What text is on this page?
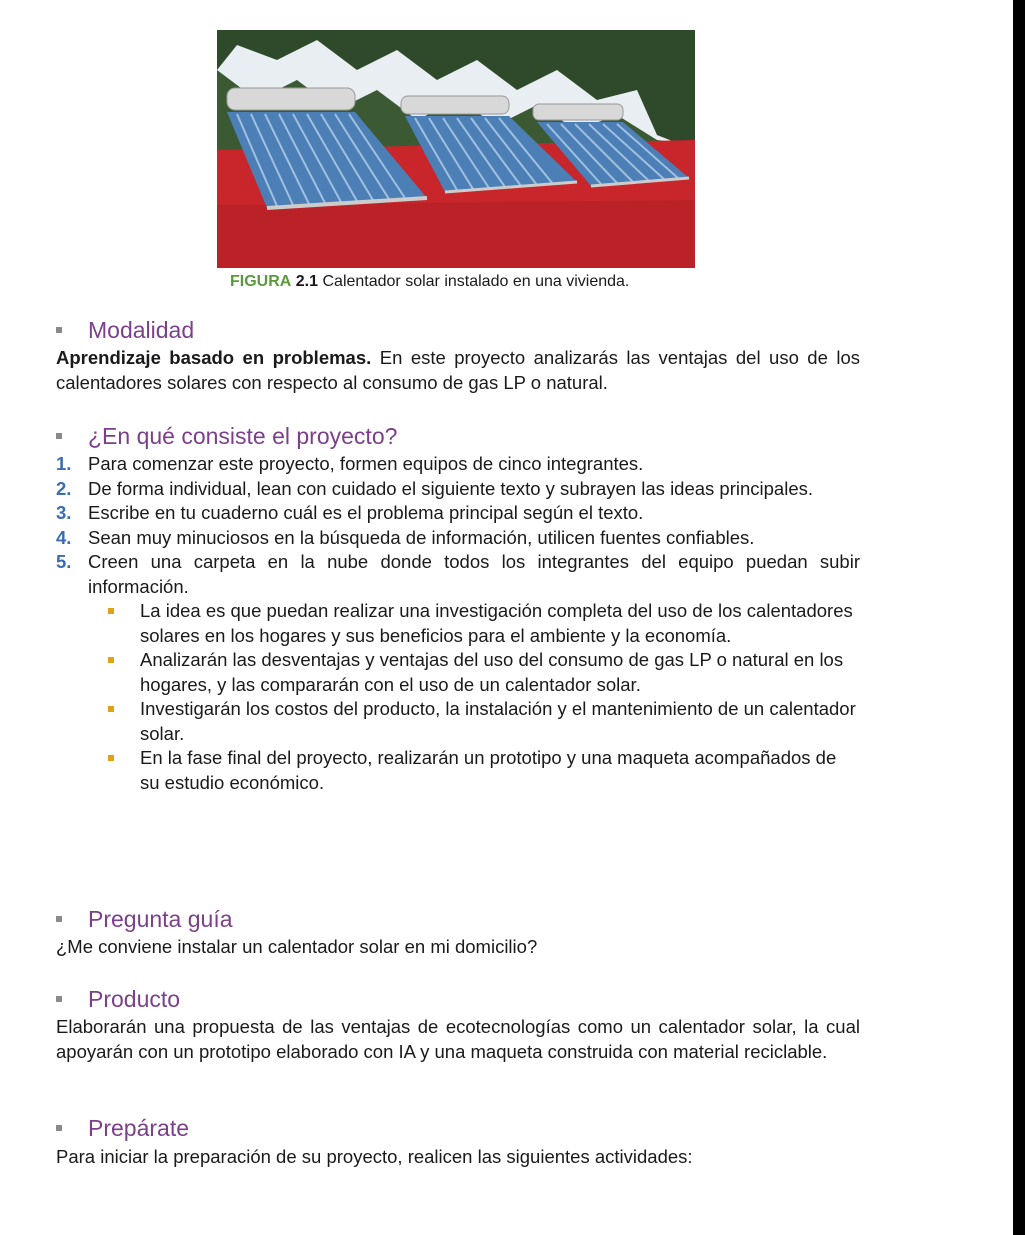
FIGURA 2.1 Calentador solar instalado en una vivienda.
Modalidad
Aprendizaje basado en problemas. En este proyecto analizarás las ventajas del uso de los calentadores solares con respecto al consumo de gas LP o natural.
¿En qué consiste el proyecto?
1. Para comenzar este proyecto, formen equipos de cinco integrantes.
2. De forma individual, lean con cuidado el siguiente texto y subrayen las ideas principales.
3. Escribe en tu cuaderno cuál es el problema principal según el texto.
4. Sean muy minuciosos en la búsqueda de información, utilicen fuentes confiables.
5. Creen una carpeta en la nube donde todos los integrantes del equipo puedan subir información.
La idea es que puedan realizar una investigación completa del uso de los calentadores solares en los hogares y sus beneficios para el ambiente y la economía.
Analizarán las desventajas y ventajas del uso del consumo de gas LP o natural en los hogares, y las compararán con el uso de un calentador solar.
Investigarán los costos del producto, la instalación y el mantenimiento de un calentador solar.
En la fase final del proyecto, realizarán un prototipo y una maqueta acompañados de su estudio económico.
Pregunta guía
¿Me conviene instalar un calentador solar en mi domicilio?
Producto
Elaborarán una propuesta de las ventajas de ecotecnologías como un calentador solar, la cual apoyarán con un prototipo elaborado con IA y una maqueta construida con material reciclable.
Prepárate
Para iniciar la preparación de su proyecto, realicen las siguientes actividades:
